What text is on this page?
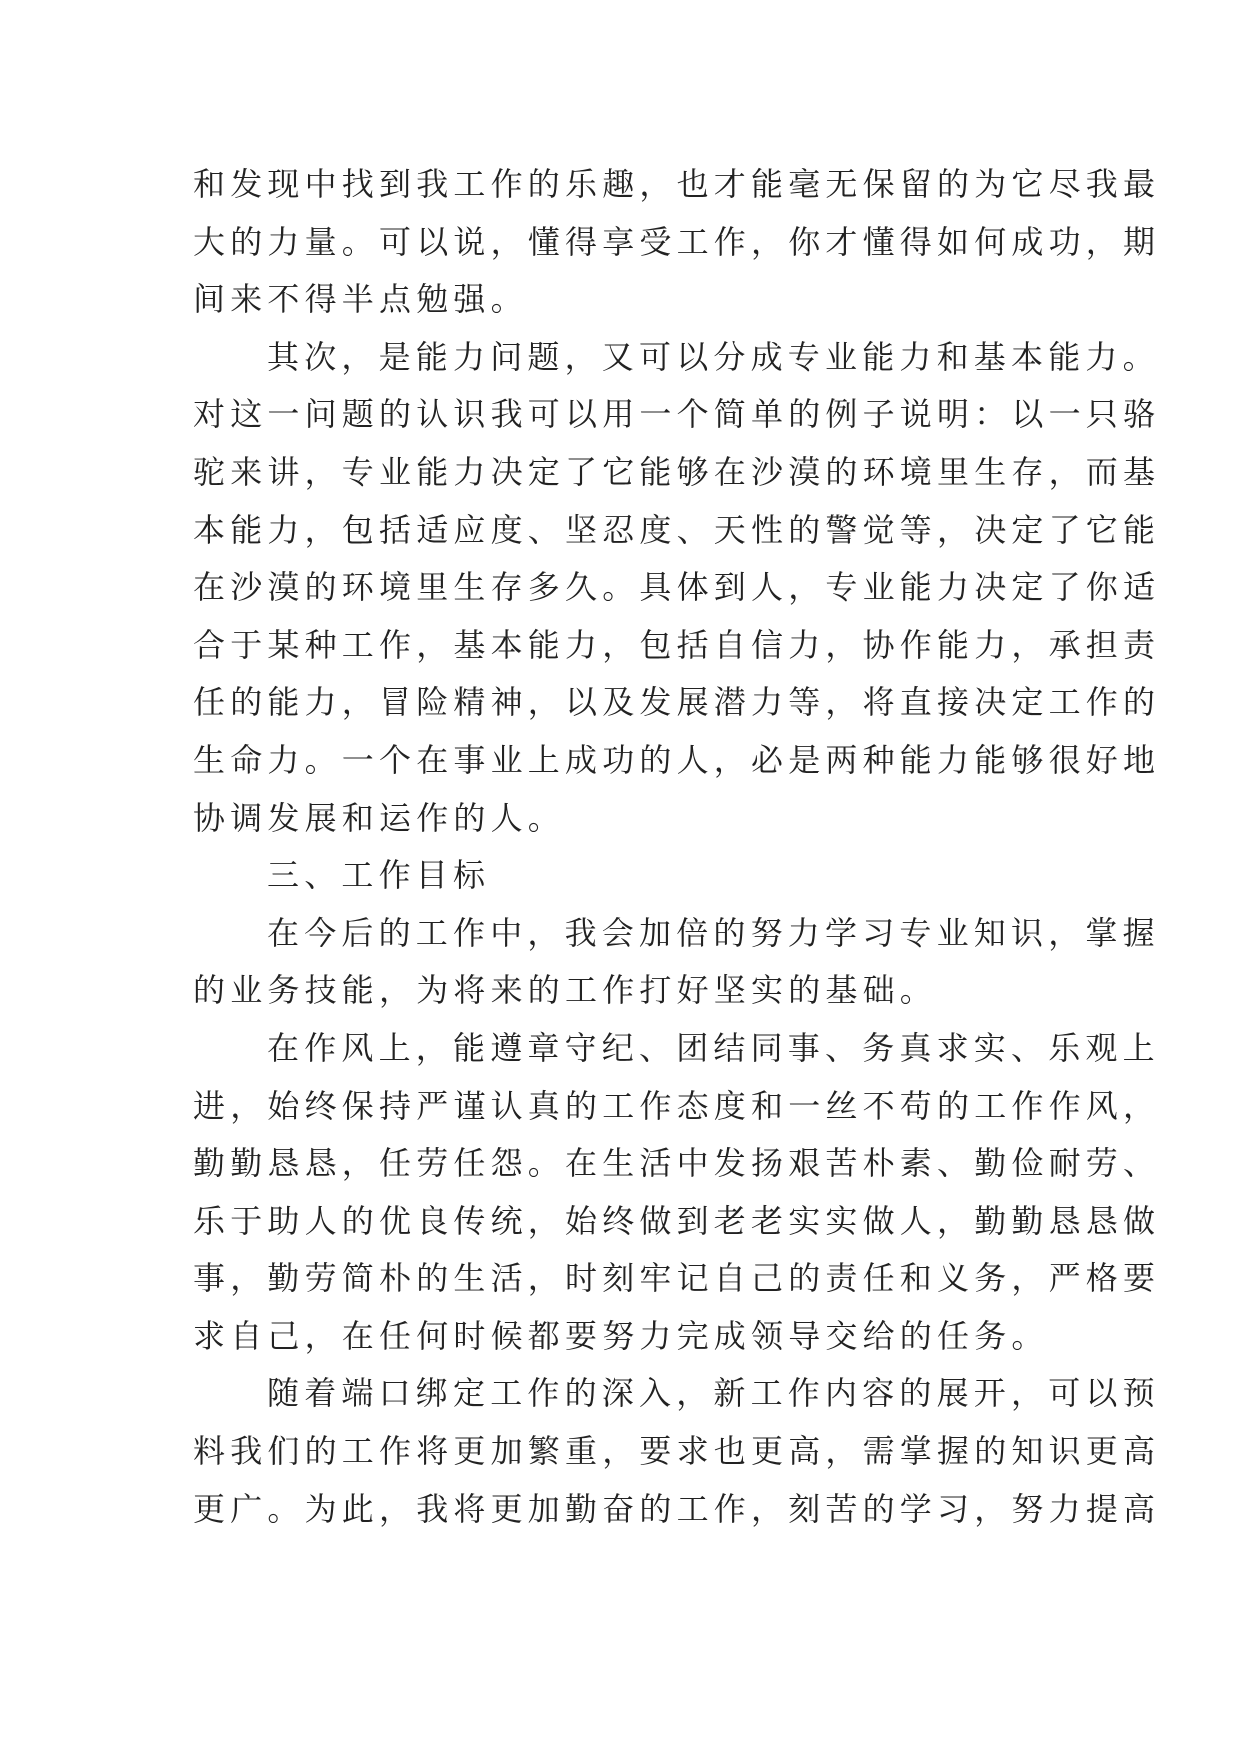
和发现中找到我工作的乐趣，也才能毫无保留的为它尽我最
大的力量。可以说，懂得享受工作，你才懂得如何成功，期
间来不得半点勉强。
其次，是能力问题，又可以分成专业能力和基本能力。
对这一问题的认识我可以用一个简单的例子说明：以一只骆
驼来讲，专业能力决定了它能够在沙漠的环境里生存，而基
本能力，包括适应度、坚忍度、天性的警觉等，决定了它能
在沙漠的环境里生存多久。具体到人，专业能力决定了你适
合于某种工作，基本能力，包括自信力，协作能力，承担责
任的能力，冒险精神，以及发展潜力等，将直接决定工作的
生命力。一个在事业上成功的人，必是两种能力能够很好地
协调发展和运作的人。
三、工作目标
在今后的工作中，我会加倍的努力学习专业知识，掌握
的业务技能，为将来的工作打好坚实的基础。
在作风上，能遵章守纪、团结同事、务真求实、乐观上
进，始终保持严谨认真的工作态度和一丝不苟的工作作风，
勤勤恳恳，任劳任怨。在生活中发扬艰苦朴素、勤俭耐劳、
乐于助人的优良传统，始终做到老老实实做人，勤勤恳恳做
事，勤劳简朴的生活，时刻牢记自己的责任和义务，严格要
求自己，在任何时候都要努力完成领导交给的任务。
随着端口绑定工作的深入，新工作内容的展开，可以预
料我们的工作将更加繁重，要求也更高，需掌握的知识更高
更广。为此，我将更加勤奋的工作，刻苦的学习，努力提高
